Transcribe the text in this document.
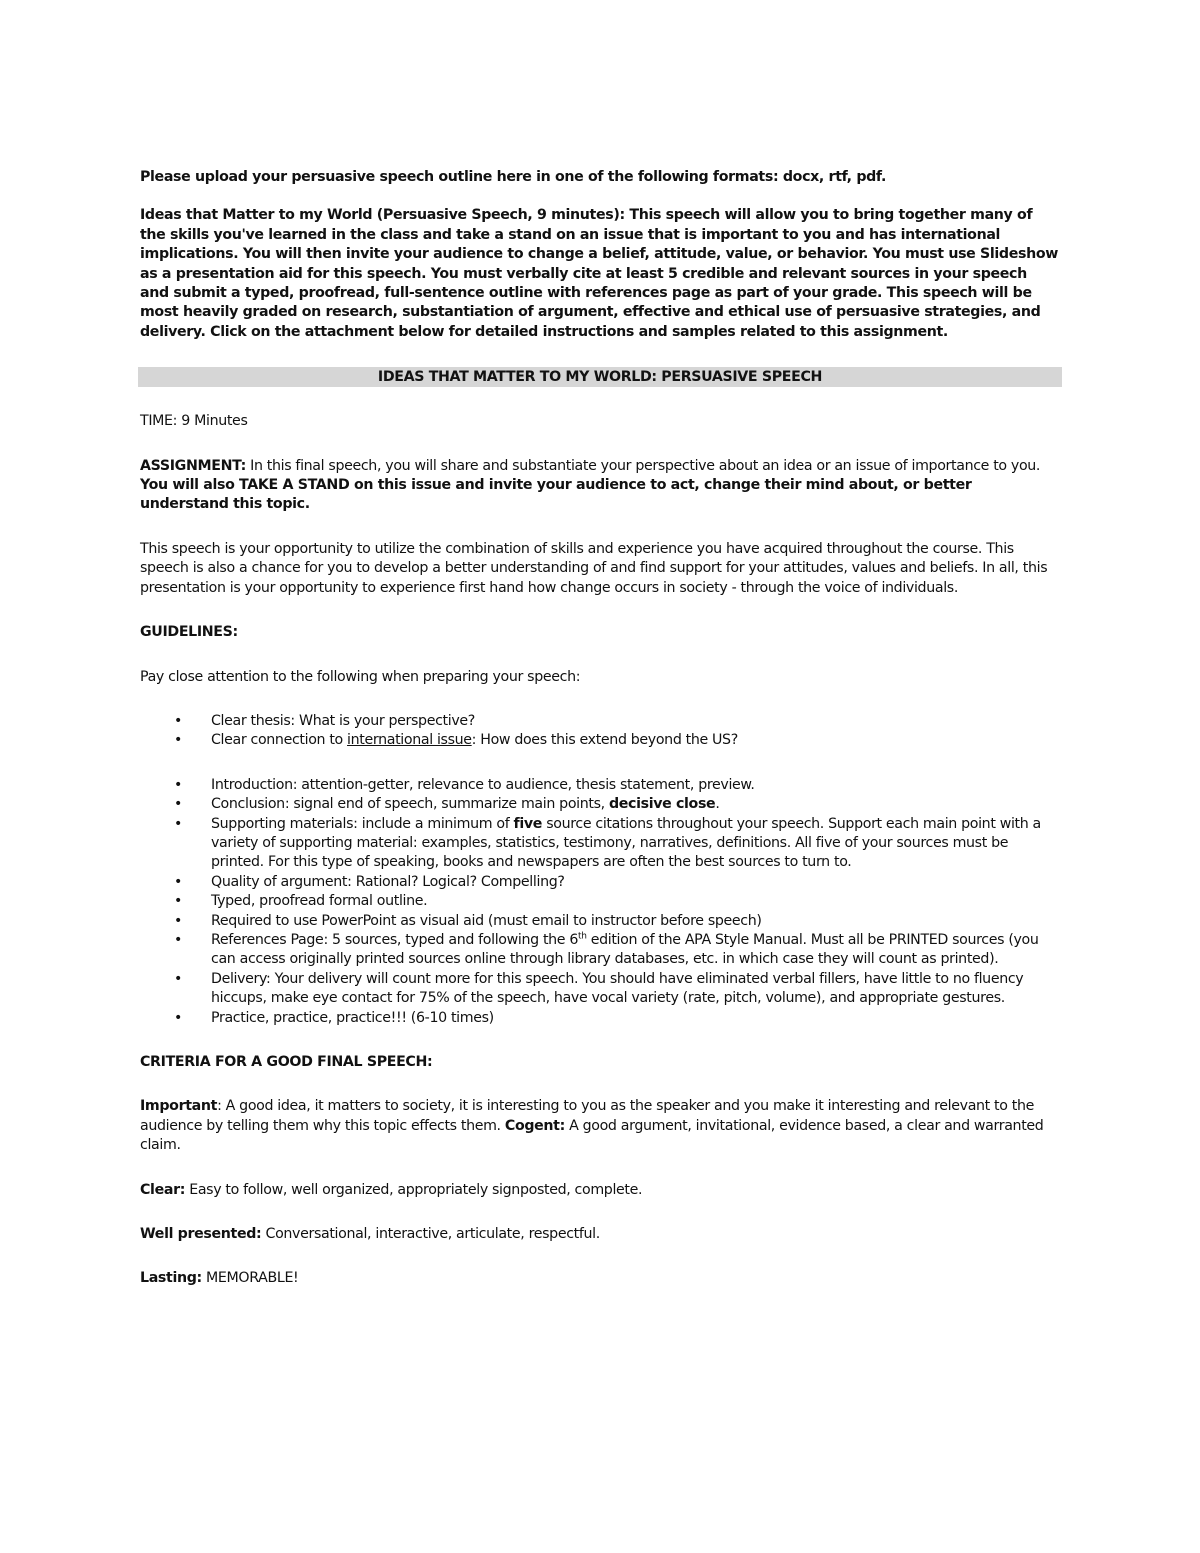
Please upload your persuasive speech outline here in one of the following formats: docx, rtf, pdf.

Ideas that Matter to my World (Persuasive Speech, 9 minutes): This speech will allow you to bring together many of the skills you've learned in the class and take a stand on an issue that is important to you and has international implications. You will then invite your audience to change a belief, attitude, value, or behavior. You must use Slideshow as a presentation aid for this speech. You must verbally cite at least 5 credible and relevant sources in your speech and submit a typed, proofread, full-sentence outline with references page as part of your grade. This speech will be most heavily graded on research, substantiation of argument, effective and ethical use of persuasive strategies, and delivery. Click on the attachment below for detailed instructions and samples related to this assignment.

IDEAS THAT MATTER TO MY WORLD: PERSUASIVE SPEECH

TIME: 9 Minutes

ASSIGNMENT: In this final speech, you will share and substantiate your perspective about an idea or an issue of importance to you. You will also TAKE A STAND on this issue and invite your audience to act, change their mind about, or better understand this topic.

This speech is your opportunity to utilize the combination of skills and experience you have acquired throughout the course. This speech is also a chance for you to develop a better understanding of and find support for your attitudes, values and beliefs. In all, this presentation is your opportunity to experience first hand how change occurs in society - through the voice of individuals.

GUIDELINES:

Pay close attention to the following when preparing your speech:

• Clear thesis: What is your perspective?
• Clear connection to international issue: How does this extend beyond the US?
• Introduction: attention-getter, relevance to audience, thesis statement, preview.
• Conclusion: signal end of speech, summarize main points, decisive close.
• Supporting materials: include a minimum of five source citations throughout your speech. Support each main point with a variety of supporting material: examples, statistics, testimony, narratives, definitions. All five of your sources must be printed. For this type of speaking, books and newspapers are often the best sources to turn to.
• Quality of argument: Rational? Logical? Compelling?
• Typed, proofread formal outline.
• Required to use PowerPoint as visual aid (must email to instructor before speech)
• References Page: 5 sources, typed and following the 6th edition of the APA Style Manual. Must all be PRINTED sources (you can access originally printed sources online through library databases, etc. in which case they will count as printed).
• Delivery: Your delivery will count more for this speech. You should have eliminated verbal fillers, have little to no fluency hiccups, make eye contact for 75% of the speech, have vocal variety (rate, pitch, volume), and appropriate gestures.
• Practice, practice, practice!!! (6-10 times)

CRITERIA FOR A GOOD FINAL SPEECH:

Important: A good idea, it matters to society, it is interesting to you as the speaker and you make it interesting and relevant to the audience by telling them why this topic effects them. Cogent: A good argument, invitational, evidence based, a clear and warranted claim.

Clear: Easy to follow, well organized, appropriately signposted, complete.

Well presented: Conversational, interactive, articulate, respectful.

Lasting: MEMORABLE!
